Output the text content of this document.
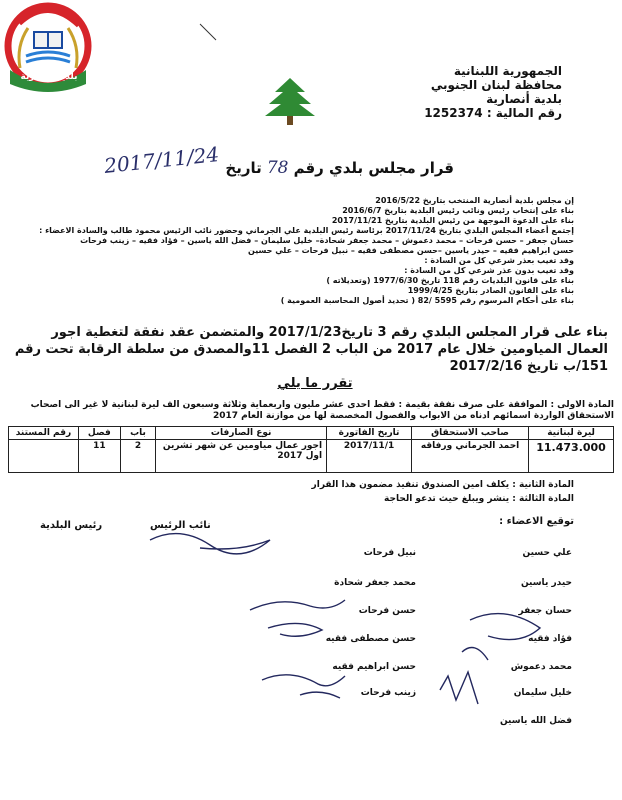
بلدية أنصارية	الجمهورية اللبنانية
محافظة لبنان الجنوبي
بلدية أنصارية
رقم المالية : 1252374
قرار مجلس بلدي رقم 78 تاريخ
2017/11/24
إن مجلس بلدية أنصارية المنتخب بتاريخ 2016/5/22
بناء على إنتخاب رئيس ونائب رئيس البلدية بتاريخ 2016/6/7
بناء على الدعوة الموجهة من رئيس البلدية بتاريخ 2017/11/21
إجتمع أعضاء المجلس البلدي بتاريخ 2017/11/24 برئاسة رئيس البلدية علي الجرماني وحضور نائب الرئيس محمود طالب والسادة الاعضاء :
حسان جعفر – حسن فرحات – محمد دعموش – محمد جعفر شحادة– خليل سليمان – فضل الله ياسين – فؤاد فقيه – زينب فرحات
حسن ابراهيم فقيه – حيدر ياسين –حسن مصطفى فقيه – نبيل فرحات – علي حسين
وقد تغيب بعذر شرعي كل من السادة :
وقد تغيب بدون عذر شرعي كل من السادة :
بناء على قانون البلديات رقم 118 تاريخ 1977/6/30 (وتعديلاته )
بناء على القانون الصادر بتاريخ 1999/4/25
بناء على أحكام المرسوم رقم 5595 /82 ( تحديد أصول المحاسبة العمومية )
بناء على قرار المجلس البلدي رقم 3 تاريخ2017/1/23 والمتضمن عقد نفقة لتغطية اجور العمال المياومين خلال عام 2017 من الباب 2 الفصل 11والمصدق من سلطة الرقابة تحت رقم 151/ب تاريخ 2017/2/16
تقرر ما يلي
المادة الاولى : الموافقة على صرف نفقة بقيمة : فقط احدى عشر مليون واربعماية وثلاثة وسبعون الف ليرة لبنانية لا غير الى اصحاب الاستحقاق الواردة اسمائهم ادناه من الابواب والفصول المخصصة لها من موازنة العام 2017
ليرة لبنانية	صاحب الاستحقاق	تاريخ الفاتورة	نوع الصارفات	باب	فصل	رقم المستند
11.473.000	احمد الجرماني ورفاقه	2017/11/1	اجور عمال مياومين عن شهر تشرين اول 2017	2	11	
المادة الثانية : يكلف امين الصندوق تنفيذ مضمون هذا القرار
المادة الثالثة : ينشر ويبلغ حيث تدعو الحاجة
توقيع الاعضاء :
نائب الرئيس
رئيس البلدية
علي حسين
حيدر ياسين
حسان جعفر
فؤاد فقيه
محمد دعموش
خليل سليمان
فضل الله ياسين
نبيل فرحات
محمد جعفر شحادة
حسن فرحات
حسن مصطفى فقيه
حسن ابراهيم فقيه
زينب فرحات
